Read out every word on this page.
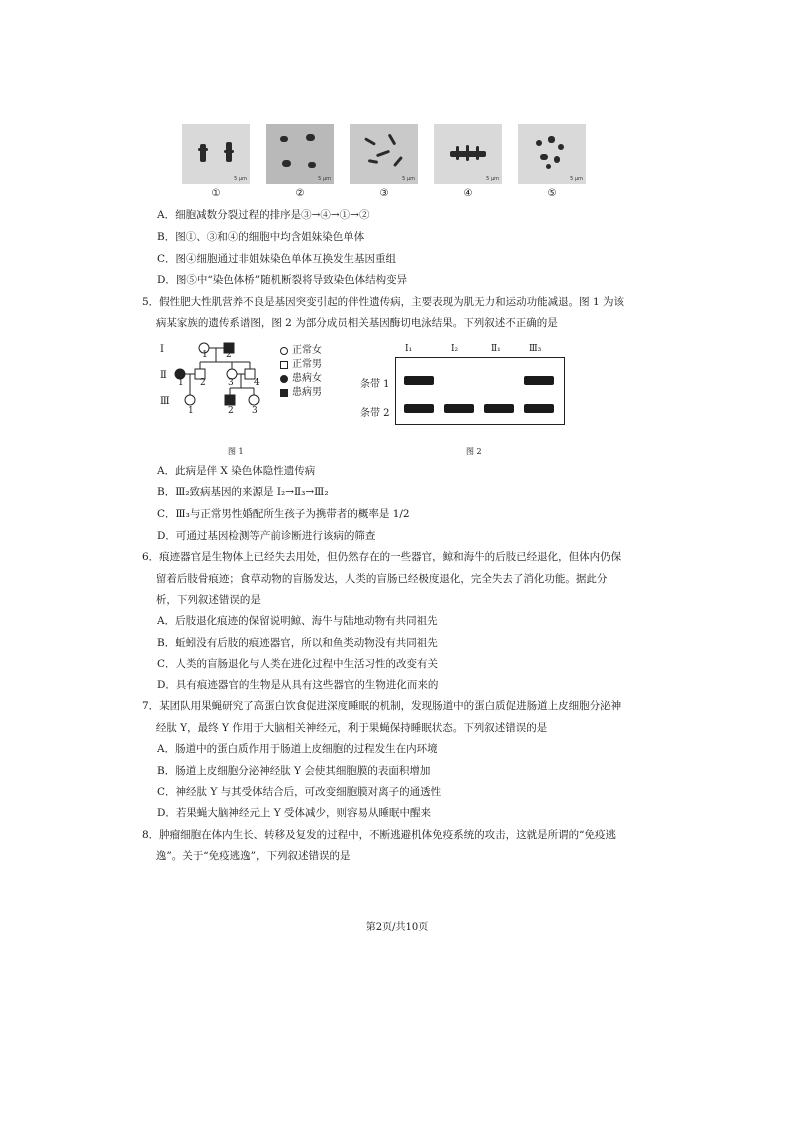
5 μm
①
5 μm
②
5 μm
③
5 μm
④
5 μm
⑤
A．细胞减数分裂过程的排序是③→④→①→②
B．图①、③和④的细胞中均含姐妹染色单体
C．图④细胞通过非姐妹染色单体互换发生基因重组
D．图⑤中“染色体桥”随机断裂将导致染色体结构变异
5．假性肥大性肌营养不良是基因突变引起的伴性遗传病，主要表现为肌无力和运动功能减退。图 1 为该
　 病某家族的遗传系谱图，图 2 为部分成员相关基因酶切电泳结果。下列叙述不正确的是
Ⅰ
Ⅱ
Ⅲ
1 2
1 2 3 4
1	2 3
正常女
正常男
患病女
患病男
图 1
Ⅰ₁	Ⅰ₂	Ⅱ₁	Ⅲ₃
条带 1
条带 2
图 2
A．此病是伴 X 染色体隐性遗传病
B．Ⅲ₂致病基因的来源是 Ⅰ₂→Ⅱ₃→Ⅲ₂
C．Ⅲ₃与正常男性婚配所生孩子为携带者的概率是 1/2
D．可通过基因检测等产前诊断进行该病的筛查
6．痕迹器官是生物体上已经失去用处，但仍然存在的一些器官，鲸和海牛的后肢已经退化，但体内仍保
　 留着后肢骨痕迹；食草动物的盲肠发达，人类的盲肠已经极度退化，完全失去了消化功能。据此分
　 析，下列叙述错误的是
A．后肢退化痕迹的保留说明鲸、海牛与陆地动物有共同祖先
B．蚯蚓没有后肢的痕迹器官，所以和鱼类动物没有共同祖先
C．人类的盲肠退化与人类在进化过程中生活习性的改变有关
D．具有痕迹器官的生物是从具有这些器官的生物进化而来的
7．某团队用果蝇研究了高蛋白饮食促进深度睡眠的机制，发现肠道中的蛋白质促进肠道上皮细胞分泌神
　 经肽 Y，最终 Y 作用于大脑相关神经元，利于果蝇保持睡眠状态。下列叙述错误的是
A．肠道中的蛋白质作用于肠道上皮细胞的过程发生在内环境
B．肠道上皮细胞分泌神经肽 Y 会使其细胞膜的表面积增加
C．神经肽 Y 与其受体结合后，可改变细胞膜对离子的通透性
D．若果蝇大脑神经元上 Y 受体减少，则容易从睡眠中醒来
8．肿瘤细胞在体内生长、转移及复发的过程中，不断逃避机体免疫系统的攻击，这就是所谓的“免疫逃
　 逸”。关于“免疫逃逸”，下列叙述错误的是
第2页/共10页
